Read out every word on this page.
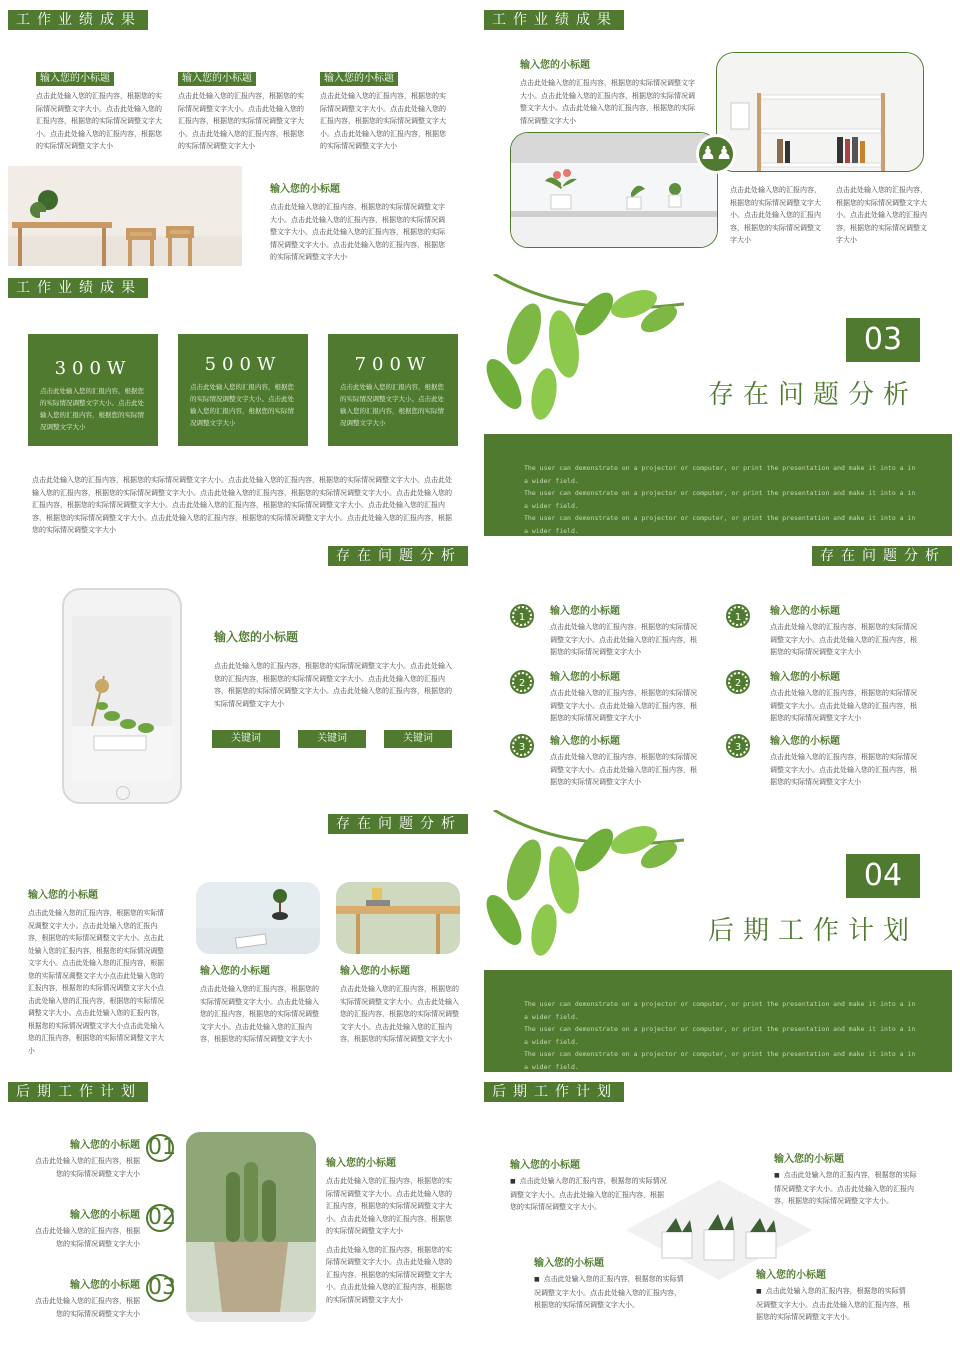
工作业绩成果
输入您的小标题
点击此处输入您的汇报内容，根据您的实际情况调整文字大小。点击此处输入您的汇报内容，根据您的实际情况调整文字大小。点击此处输入您的汇报内容，根据您的实际情况调整文字大小
输入您的小标题
点击此处输入您的汇报内容，根据您的实际情况调整文字大小。点击此处输入您的汇报内容，根据您的实际情况调整文字大小。点击此处输入您的汇报内容，根据您的实际情况调整文字大小
输入您的小标题
点击此处输入您的汇报内容，根据您的实际情况调整文字大小。点击此处输入您的汇报内容，根据您的实际情况调整文字大小。点击此处输入您的汇报内容，根据您的实际情况调整文字大小
输入您的小标题
点击此处输入您的汇报内容，根据您的实际情况调整文字大小。点击此处输入您的汇报内容，根据您的实际情况调整文字大小。点击此处输入您的汇报内容，根据您的实际情况调整文字大小。点击此处输入您的汇报内容，根据您的实际情况调整文字大小
工作业绩成果
输入您的小标题
点击此处输入您的汇报内容，根据您的实际情况调整文字大小。点击此处输入您的汇报内容，根据您的实际情况调整文字大小。点击此处输入您的汇报内容，根据您的实际情况调整文字大小
♟♟
点击此处输入您的汇报内容，根据您的实际情况调整文字大小。点击此处输入您的汇报内容，根据您的实际情况调整文字大小
点击此处输入您的汇报内容，根据您的实际情况调整文字大小。点击此处输入您的汇报内容，根据您的实际情况调整文字大小
工作业绩成果
300W
点击此处输入您的汇报内容，根据您的实际情况调整文字大小。点击此处输入您的汇报内容，根据您的实际情况调整文字大小
500W
点击此处输入您的汇报内容，根据您的实际情况调整文字大小。点击此处输入您的汇报内容，根据您的实际情况调整文字大小
700W
点击此处输入您的汇报内容，根据您的实际情况调整文字大小。点击此处输入您的汇报内容，根据您的实际情况调整文字大小
点击此处输入您的汇报内容，根据您的实际情况调整文字大小。点击此处输入您的汇报内容，根据您的实际情况调整文字大小。点击此处输入您的汇报内容，根据您的实际情况调整文字大小。点击此处输入您的汇报内容，根据您的实际情况调整文字大小。点击此处输入您的汇报内容，根据您的实际情况调整文字大小。点击此处输入您的汇报内容，根据您的实际情况调整文字大小。点击此处输入您的汇报内容，根据您的实际情况调整文字大小。点击此处输入您的汇报内容，根据您的实际情况调整文字大小。点击此处输入您的汇报内容，根据您的实际情况调整文字大小
03
存在问题分析
The user can demonstrate on a projector or computer, or print the presentation and make it into a in a wider field.
The user can demonstrate on a projector or computer, or print the presentation and make it into a in a wider field.
The user can demonstrate on a projector or computer, or print the presentation and make it into a in a wider field.
存在问题分析
输入您的小标题
点击此处输入您的汇报内容，根据您的实际情况调整文字大小。点击此处输入您的汇报内容，根据您的实际情况调整文字大小。点击此处输入您的汇报内容，根据您的实际情况调整文字大小。点击此处输入您的汇报内容，根据您的实际情况调整文字大小
关键词	关键词	关键词
存在问题分析
1
输入您的小标题
点击此处输入您的汇报内容，根据您的实际情况调整文字大小。点击此处输入您的汇报内容，根据您的实际情况调整文字大小
2
输入您的小标题
点击此处输入您的汇报内容，根据您的实际情况调整文字大小。点击此处输入您的汇报内容，根据您的实际情况调整文字大小
3
输入您的小标题
点击此处输入您的汇报内容，根据您的实际情况调整文字大小。点击此处输入您的汇报内容，根据您的实际情况调整文字大小
1
输入您的小标题
点击此处输入您的汇报内容，根据您的实际情况调整文字大小。点击此处输入您的汇报内容，根据您的实际情况调整文字大小
2
输入您的小标题
点击此处输入您的汇报内容，根据您的实际情况调整文字大小。点击此处输入您的汇报内容，根据您的实际情况调整文字大小
3
输入您的小标题
点击此处输入您的汇报内容，根据您的实际情况调整文字大小。点击此处输入您的汇报内容，根据您的实际情况调整文字大小
存在问题分析
输入您的小标题
点击此处输入您的汇报内容，根据您的实际情况调整文字大小。点击此处输入您的汇报内容，根据您的实际情况调整文字大小。点击此处输入您的汇报内容，根据您的实际情况调整文字大小。点击此处输入您的汇报内容，根据您的实际情况调整文字大小点击此处输入您的汇报内容，根据您的实际情况调整文字大小点击此处输入您的汇报内容，根据您的实际情况调整文字大小。点击此处输入您的汇报内容，根据您的实际情况调整文字大小点击此处输入您的汇报内容，根据您的实际情况调整文字大小
输入您的小标题
点击此处输入您的汇报内容，根据您的实际情况调整文字大小。点击此处输入您的汇报内容，根据您的实际情况调整文字大小。点击此处输入您的汇报内容，根据您的实际情况调整文字大小
输入您的小标题
点击此处输入您的汇报内容，根据您的实际情况调整文字大小。点击此处输入您的汇报内容，根据您的实际情况调整文字大小。点击此处输入您的汇报内容，根据您的实际情况调整文字大小
04
后期工作计划
The user can demonstrate on a projector or computer, or print the presentation and make it into a in a wider field.
The user can demonstrate on a projector or computer, or print the presentation and make it into a in a wider field.
The user can demonstrate on a projector or computer, or print the presentation and make it into a in a wider field.
后期工作计划
输入您的小标题
点击此处输入您的汇报内容，根据您的实际情况调整文字大小
01
输入您的小标题
点击此处输入您的汇报内容，根据您的实际情况调整文字大小
02
输入您的小标题
点击此处输入您的汇报内容，根据您的实际情况调整文字大小
03
输入您的小标题
点击此处输入您的汇报内容，根据您的实际情况调整文字大小。点击此处输入您的汇报内容，根据您的实际情况调整文字大小。点击此处输入您的汇报内容，根据您的实际情况调整文字大小
点击此处输入您的汇报内容，根据您的实际情况调整文字大小。点击此处输入您的汇报内容，根据您的实际情况调整文字大小。点击此处输入您的汇报内容，根据您的实际情况调整文字大小
后期工作计划
输入您的小标题
■ 点击此处输入您的汇报内容，根据您的实际情况调整文字大小。点击此处输入您的汇报内容，根据您的实际情况调整文字大小。
输入您的小标题
■ 点击此处输入您的汇报内容，根据您的实际情况调整文字大小。点击此处输入您的汇报内容，根据您的实际情况调整文字大小。
输入您的小标题
■ 点击此处输入您的汇报内容，根据您的实际情况调整文字大小。点击此处输入您的汇报内容，根据您的实际情况调整文字大小。
输入您的小标题
■ 点击此处输入您的汇报内容，根据您的实际情况调整文字大小。点击此处输入您的汇报内容，根据您的实际情况调整文字大小。
